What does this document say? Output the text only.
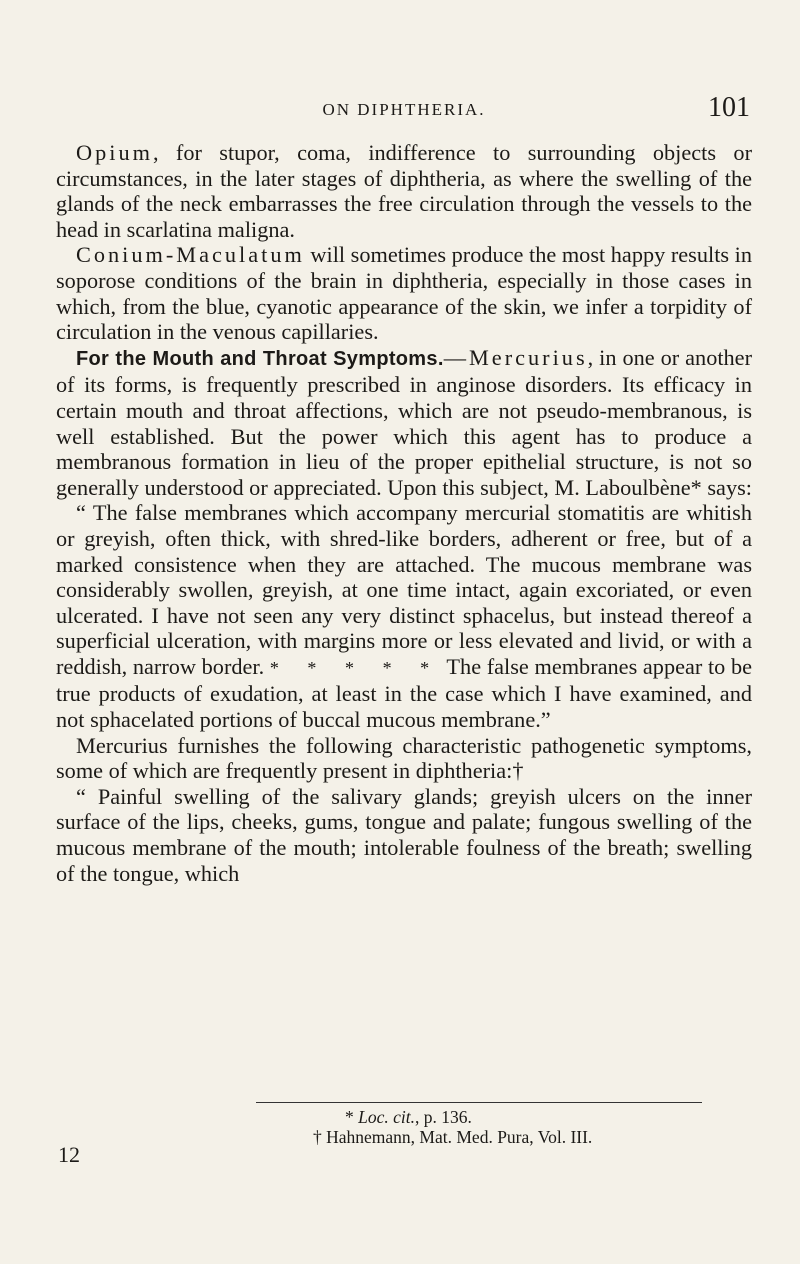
ON DIPHTHERIA.	101

Opium, for stupor, coma, indifference to surrounding objects or circumstances, in the later stages of diphtheria, as where the swelling of the glands of the neck embarrasses the free circulation through the vessels to the head in scarlatina maligna.

Conium-Maculatum will sometimes produce the most happy results in soporose conditions of the brain in diphtheria, especially in those cases in which, from the blue, cyanotic appearance of the skin, we infer a torpidity of circulation in the venous capillaries.

For the Mouth and Throat Symptoms.—Mercurius, in one or another of its forms, is frequently prescribed in anginose disorders. Its efficacy in certain mouth and throat affections, which are not pseudo-membranous, is well established. But the power which this agent has to produce a membranous formation in lieu of the proper epithelial structure, is not so generally understood or appreciated. Upon this subject, M. Laboulbène* says:

“ The false membranes which accompany mercurial stomatitis are whitish or greyish, often thick, with shred-like borders, adherent or free, but of a marked consistence when they are attached. The mucous membrane was considerably swollen, greyish, at one time intact, again excoriated, or even ulcerated. I have not seen any very distinct sphacelus, but instead thereof a superficial ulceration, with margins more or less elevated and livid, or with a reddish, narrow border. * * * * * The false membranes appear to be true products of exudation, at least in the case which I have examined, and not sphacelated portions of buccal mucous membrane.”

Mercurius furnishes the following characteristic pathogenetic symptoms, some of which are frequently present in diphtheria:†

“ Painful swelling of the salivary glands; greyish ulcers on the inner surface of the lips, cheeks, gums, tongue and palate; fungous swelling of the mucous membrane of the mouth; intolerable foulness of the breath; swelling of the tongue, which

* Loc. cit., p. 136.
† Hahnemann, Mat. Med. Pura, Vol. III.
12
